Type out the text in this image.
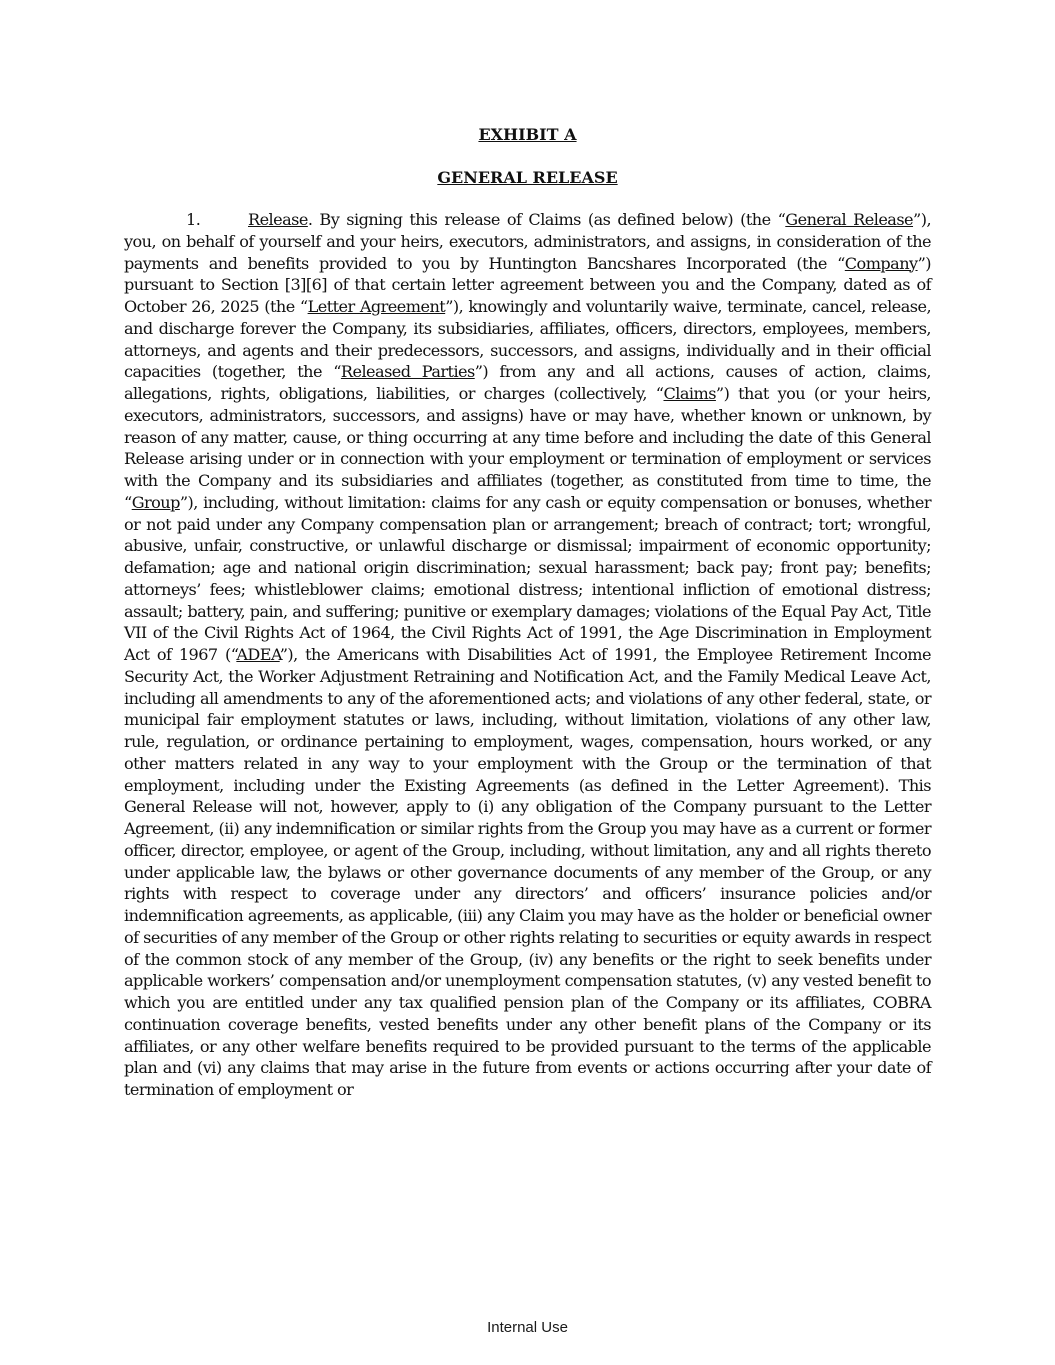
EXHIBIT A
GENERAL RELEASE
1.	Release. By signing this release of Claims (as defined below) (the “General Release”), you, on behalf of yourself and your heirs, executors, administrators, and assigns, in consideration of the payments and benefits provided to you by Huntington Bancshares Incorporated (the “Company”) pursuant to Section [3][6] of that certain letter agreement between you and the Company, dated as of October 26, 2025 (the “Letter Agreement”), knowingly and voluntarily waive, terminate, cancel, release, and discharge forever the Company, its subsidiaries, affiliates, officers, directors, employees, members, attorneys, and agents and their predecessors, successors, and assigns, individually and in their official capacities (together, the “Released Parties”) from any and all actions, causes of action, claims, allegations, rights, obligations, liabilities, or charges (collectively, “Claims”) that you (or your heirs, executors, administrators, successors, and assigns) have or may have, whether known or unknown, by reason of any matter, cause, or thing occurring at any time before and including the date of this General Release arising under or in connection with your employment or termination of employment or services with the Company and its subsidiaries and affiliates (together, as constituted from time to time, the “Group”), including, without limitation: claims for any cash or equity compensation or bonuses, whether or not paid under any Company compensation plan or arrangement; breach of contract; tort; wrongful, abusive, unfair, constructive, or unlawful discharge or dismissal; impairment of economic opportunity; defamation; age and national origin discrimination; sexual harassment; back pay; front pay; benefits; attorneys’ fees; whistleblower claims; emotional distress; intentional infliction of emotional distress; assault; battery, pain, and suffering; punitive or exemplary damages; violations of the Equal Pay Act, Title VII of the Civil Rights Act of 1964, the Civil Rights Act of 1991, the Age Discrimination in Employment Act of 1967 (“ADEA”), the Americans with Disabilities Act of 1991, the Employee Retirement Income Security Act, the Worker Adjustment Retraining and Notification Act, and the Family Medical Leave Act, including all amendments to any of the aforementioned acts; and violations of any other federal, state, or municipal fair employment statutes or laws, including, without limitation, violations of any other law, rule, regulation, or ordinance pertaining to employment, wages, compensation, hours worked, or any other matters related in any way to your employment with the Group or the termination of that employment, including under the Existing Agreements (as defined in the Letter Agreement). This General Release will not, however, apply to (i) any obligation of the Company pursuant to the Letter Agreement, (ii) any indemnification or similar rights from the Group you may have as a current or former officer, director, employee, or agent of the Group, including, without limitation, any and all rights thereto under applicable law, the bylaws or other governance documents of any member of the Group, or any rights with respect to coverage under any directors’ and officers’ insurance policies and/or indemnification agreements, as applicable, (iii) any Claim you may have as the holder or beneficial owner of securities of any member of the Group or other rights relating to securities or equity awards in respect of the common stock of any member of the Group, (iv) any benefits or the right to seek benefits under applicable workers’ compensation and/or unemployment compensation statutes, (v) any vested benefit to which you are entitled under any tax qualified pension plan of the Company or its affiliates, COBRA continuation coverage benefits, vested benefits under any other benefit plans of the Company or its affiliates, or any other welfare benefits required to be provided pursuant to the terms of the applicable plan and (vi) any claims that may arise in the future from events or actions occurring after your date of termination of employment or
Internal Use
